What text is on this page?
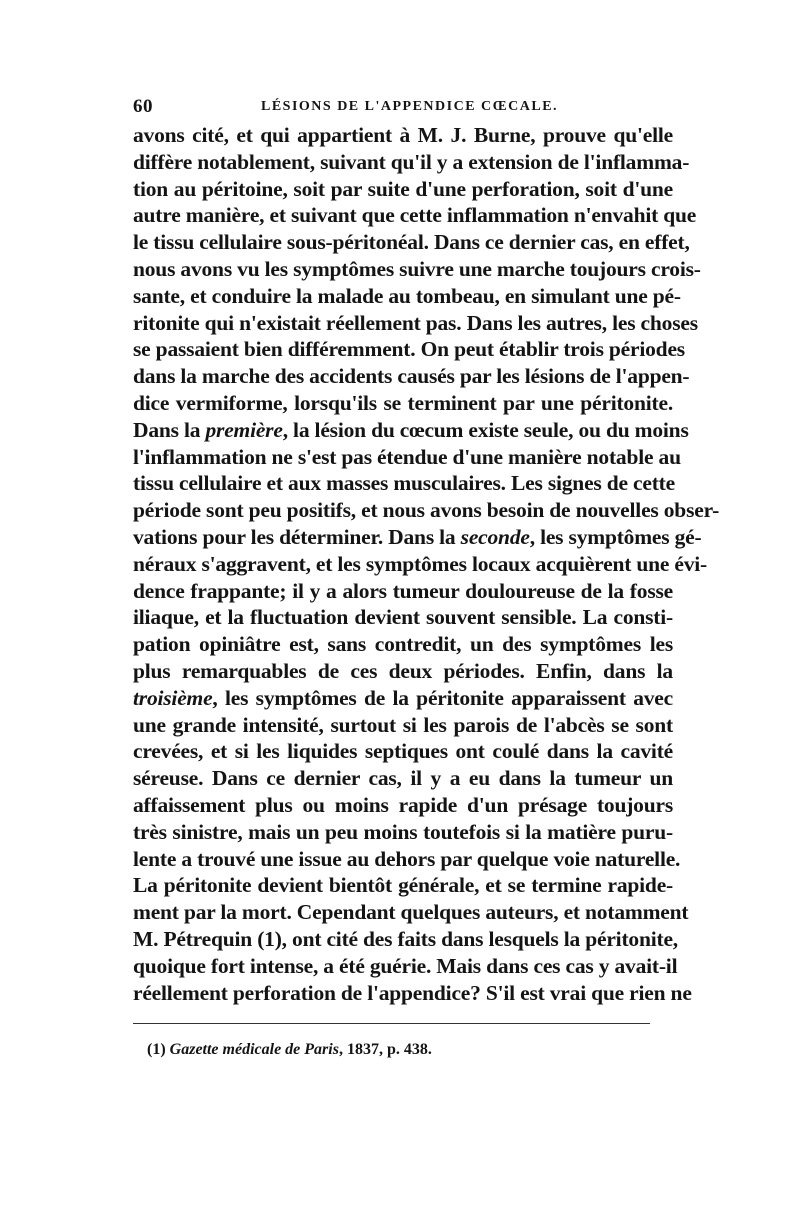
60	LÉSIONS DE L'APPENDICE CŒCALE.
avons cité, et qui appartient à M. J. Burne, prouve qu'elle
diffère notablement, suivant qu'il y a extension de l'inflamma-
tion au péritoine, soit par suite d'une perforation, soit d'une
autre manière, et suivant que cette inflammation n'envahit que
le tissu cellulaire sous-péritonéal. Dans ce dernier cas, en effet,
nous avons vu les symptômes suivre une marche toujours crois-
sante, et conduire la malade au tombeau, en simulant une pé-
ritonite qui n'existait réellement pas. Dans les autres, les choses
se passaient bien différemment. On peut établir trois périodes
dans la marche des accidents causés par les lésions de l'appen-
dice vermiforme, lorsqu'ils se terminent par une péritonite.
Dans la première, la lésion du cœcum existe seule, ou du moins
l'inflammation ne s'est pas étendue d'une manière notable au
tissu cellulaire et aux masses musculaires. Les signes de cette
période sont peu positifs, et nous avons besoin de nouvelles obser-
vations pour les déterminer. Dans la seconde, les symptômes gé-
néraux s'aggravent, et les symptômes locaux acquièrent une évi-
dence frappante; il y a alors tumeur douloureuse de la fosse
iliaque, et la fluctuation devient souvent sensible. La consti-
pation opiniâtre est, sans contredit, un des symptômes les
plus remarquables de ces deux périodes. Enfin, dans la
troisième, les symptômes de la péritonite apparaissent avec
une grande intensité, surtout si les parois de l'abcès se sont
crevées, et si les liquides septiques ont coulé dans la cavité
séreuse. Dans ce dernier cas, il y a eu dans la tumeur un
affaissement plus ou moins rapide d'un présage toujours
très sinistre, mais un peu moins toutefois si la matière puru-
lente a trouvé une issue au dehors par quelque voie naturelle.
La péritonite devient bientôt générale, et se termine rapide-
ment par la mort. Cependant quelques auteurs, et notamment
M. Pétrequin (1), ont cité des faits dans lesquels la péritonite,
quoique fort intense, a été guérie. Mais dans ces cas y avait-il
réellement perforation de l'appendice? S'il est vrai que rien ne
(1) Gazette médicale de Paris, 1837, p. 438.
